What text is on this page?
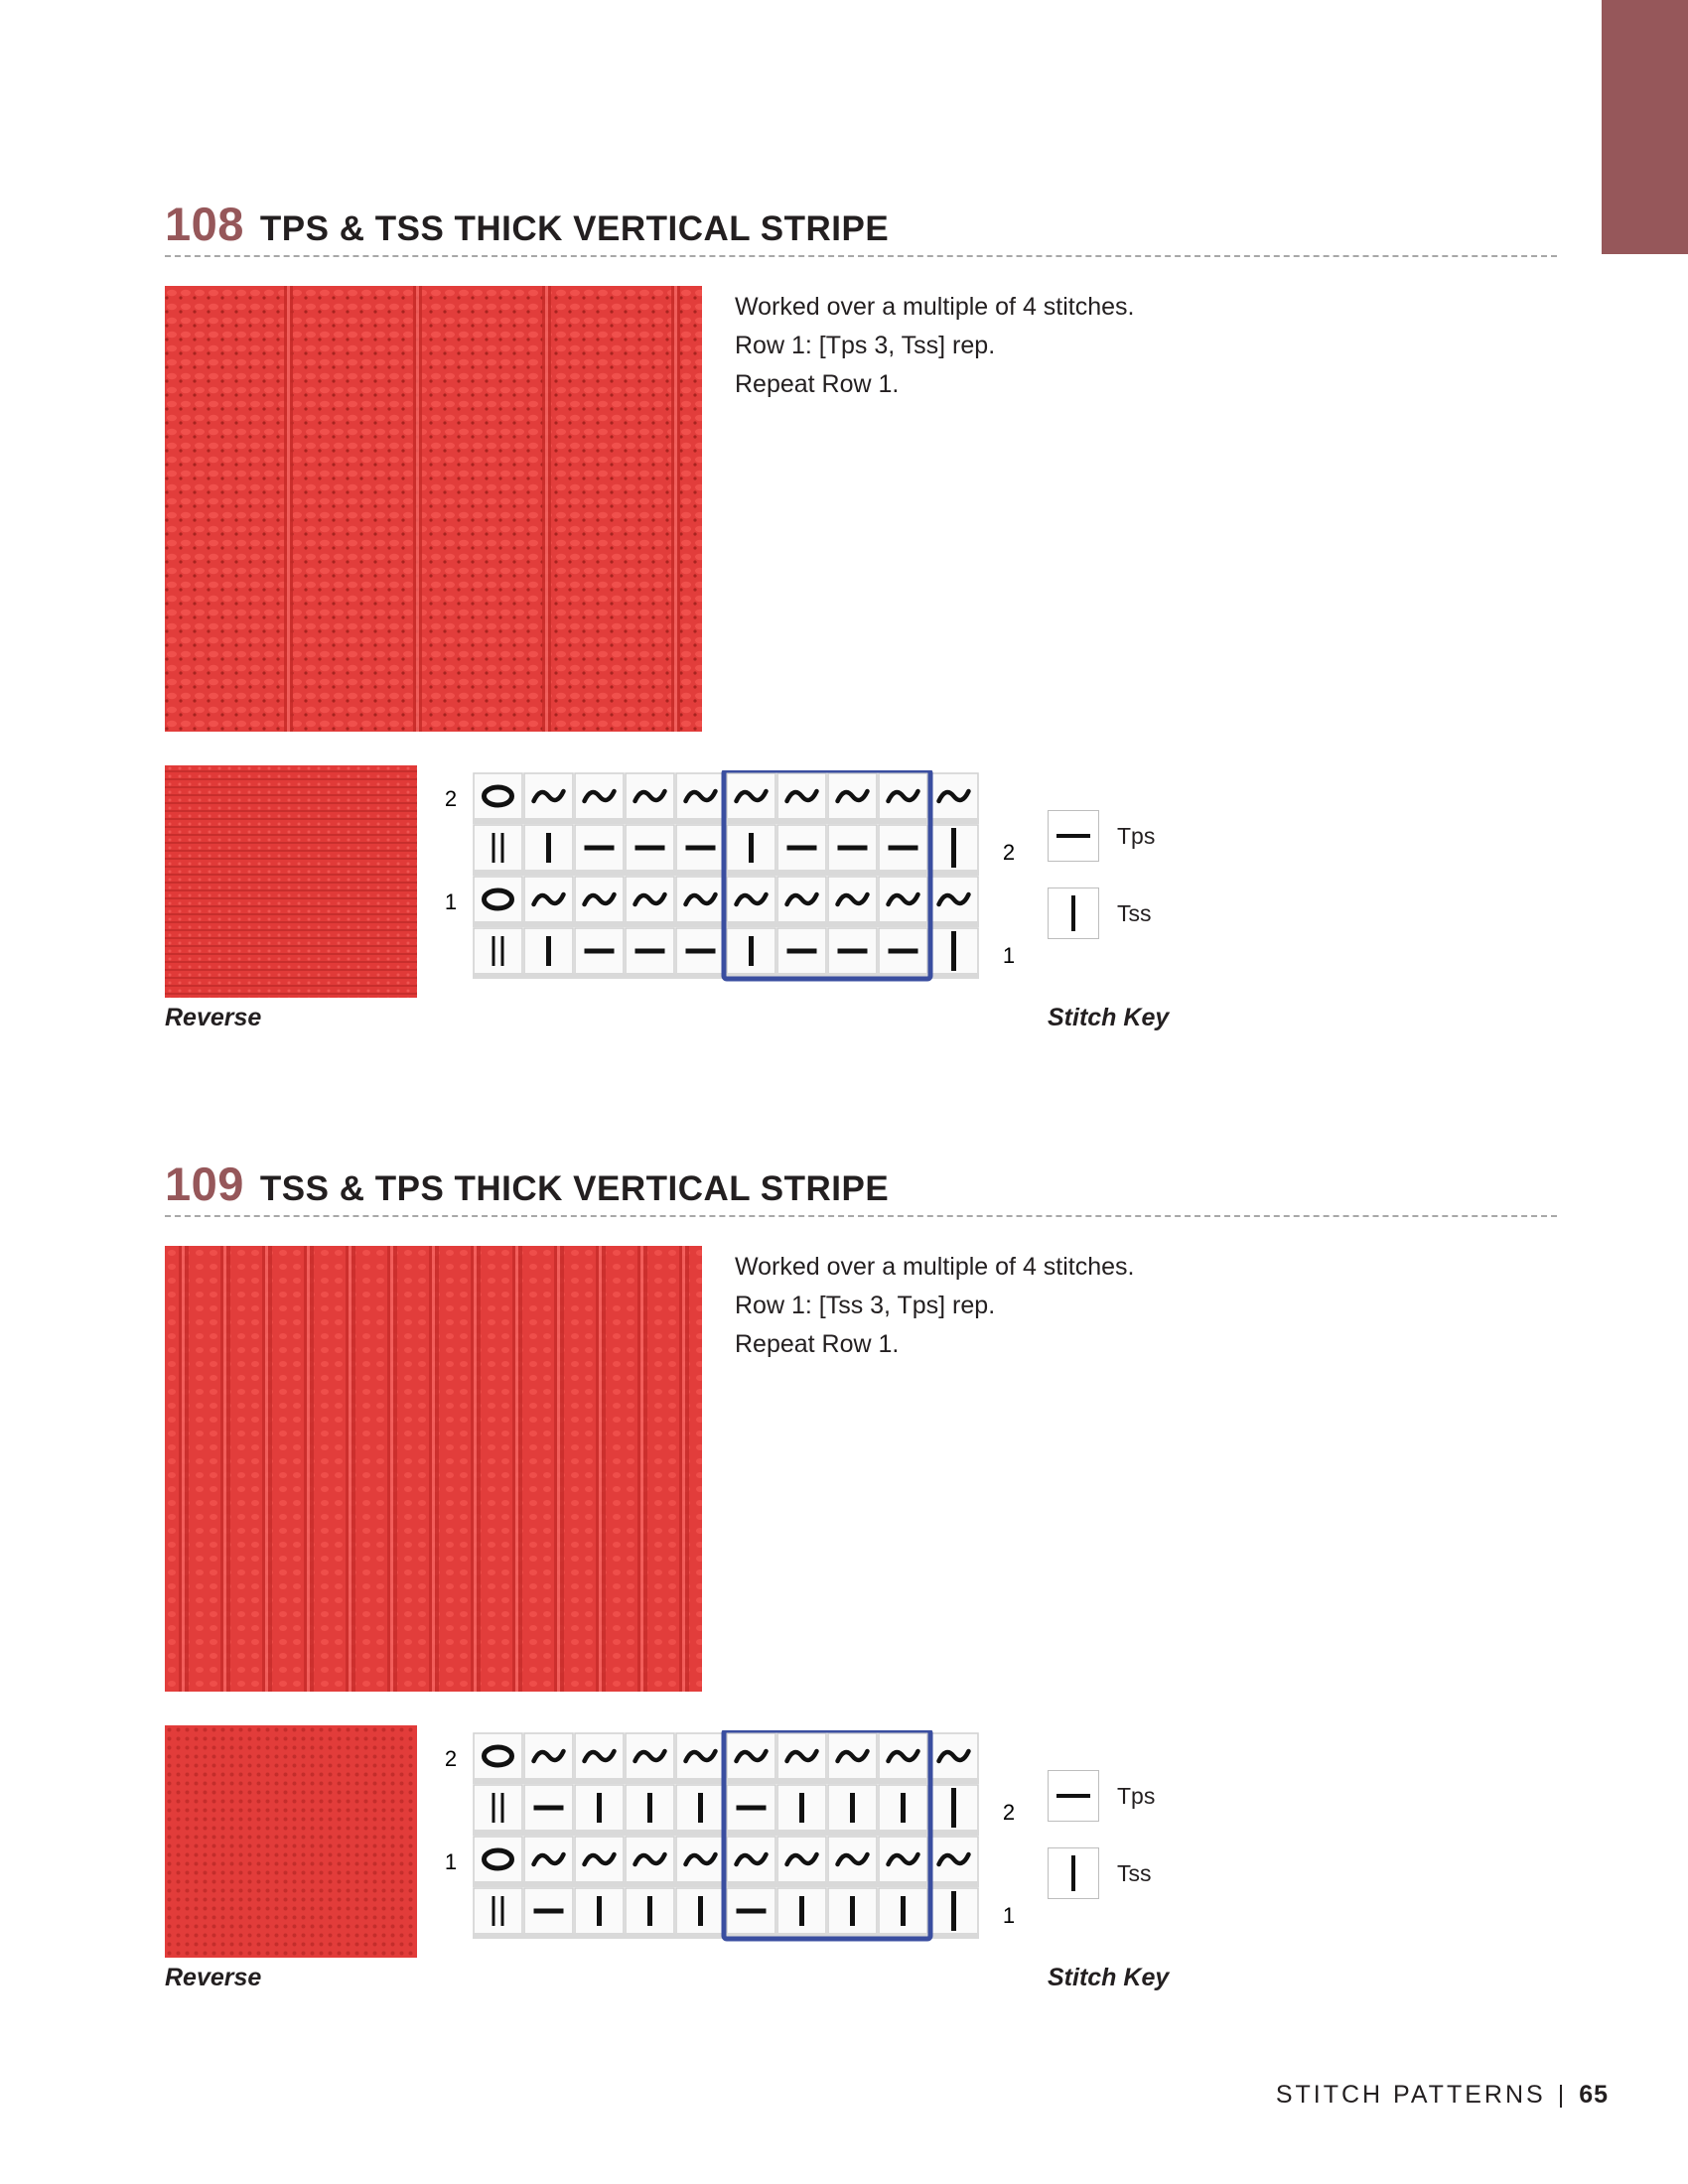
108 TPS & TSS THICK VERTICAL STRIPE
Worked over a multiple of 4 stitches.
Row 1: [Tps 3, Tss] rep.
Repeat Row 1.
Reverse
2
1
2
1
Tps
Tss
Stitch Key
109 TSS & TPS THICK VERTICAL STRIPE
Worked over a multiple of 4 stitches.
Row 1: [Tss 3, Tps] rep.
Repeat Row 1.
Reverse
2
1
2
1
Tps
Tss
Stitch Key
STITCH PATTERNS | 65
